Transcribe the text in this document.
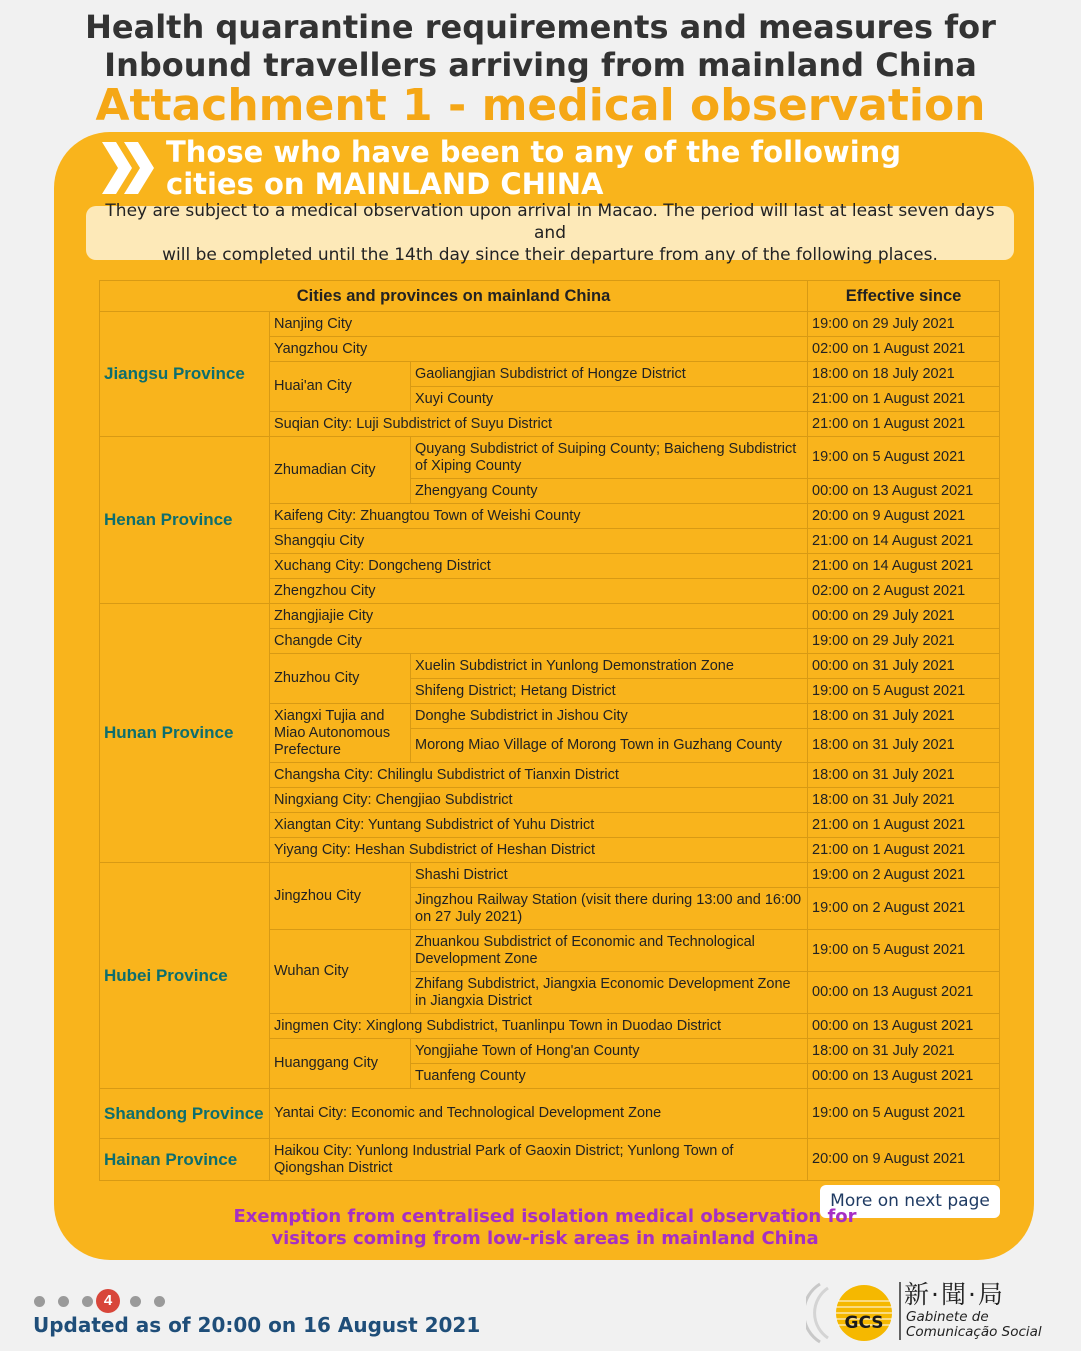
Health quarantine requirements and measures for
Inbound travellers arriving from mainland China
Attachment 1 - medical observation
Those who have been to any of the following
cities on MAINLAND CHINA
They are subject to a medical observation upon arrival in Macao. The period will last at least seven days and
will be completed until the 14th day since their departure from any of the following places.
Cities and provinces on mainland China			Effective since
Jiangsu Province	Nanjing City		19:00 on 29 July 2021
	Yangzhou City		02:00 on 1 August 2021
	Huai'an City	Gaoliangjian Subdistrict of Hongze District	18:00 on 18 July 2021
		Xuyi County	21:00 on 1 August 2021
	Suqian City: Luji Subdistrict of Suyu District		21:00 on 1 August 2021
Henan Province	Zhumadian City	Quyang Subdistrict of Suiping County; Baicheng Subdistrict of Xiping County	19:00 on 5 August 2021
		Zhengyang County	00:00 on 13 August 2021
	Kaifeng City: Zhuangtou Town of Weishi County		20:00 on 9 August 2021
	Shangqiu City		21:00 on 14 August 2021
	Xuchang City: Dongcheng District		21:00 on 14 August 2021
	Zhengzhou City		02:00 on 2 August 2021
Hunan Province	Zhangjiajie City		00:00 on 29 July 2021
	Changde City		19:00 on 29 July 2021
	Zhuzhou City	Xuelin Subdistrict in Yunlong Demonstration Zone	00:00 on 31 July 2021
		Shifeng District; Hetang District	19:00 on 5 August 2021
	Xiangxi Tujia and Miao Autonomous Prefecture	Donghe Subdistrict in Jishou City	18:00 on 31 July 2021
		Morong Miao Village of Morong Town in Guzhang County	18:00 on 31 July 2021
	Changsha City: Chilinglu Subdistrict of Tianxin District		18:00 on 31 July 2021
	Ningxiang City: Chengjiao Subdistrict		18:00 on 31 July 2021
	Xiangtan City: Yuntang Subdistrict of Yuhu District		21:00 on 1 August 2021
	Yiyang City: Heshan Subdistrict of Heshan District		21:00 on 1 August 2021
Hubei Province	Jingzhou City	Shashi District	19:00 on 2 August 2021
		Jingzhou Railway Station (visit there during 13:00 and 16:00 on 27 July 2021)	19:00 on 2 August 2021
	Wuhan City	Zhuankou Subdistrict of Economic and Technological Development Zone	19:00 on 5 August 2021
		Zhifang Subdistrict, Jiangxia Economic Development Zone in Jiangxia District	00:00 on 13 August 2021
	Jingmen City: Xinglong Subdistrict, Tuanlinpu Town in Duodao District		00:00 on 13 August 2021
	Huanggang City	Yongjiahe Town of Hong'an County	18:00 on 31 July 2021
		Tuanfeng County	00:00 on 13 August 2021
Shandong Province	Yantai City: Economic and Technological Development Zone		19:00 on 5 August 2021
Hainan Province	Haikou City: Yunlong Industrial Park of Gaoxin District; Yunlong Town of Qiongshan District		20:00 on 9 August 2021
More on next page
Exemption from centralised isolation medical observation for
visitors coming from low-risk areas in mainland China
4
Updated as of 20:00 on 16 August 2021	GCS
新·聞·局
Gabinete de
Comunicação Social
